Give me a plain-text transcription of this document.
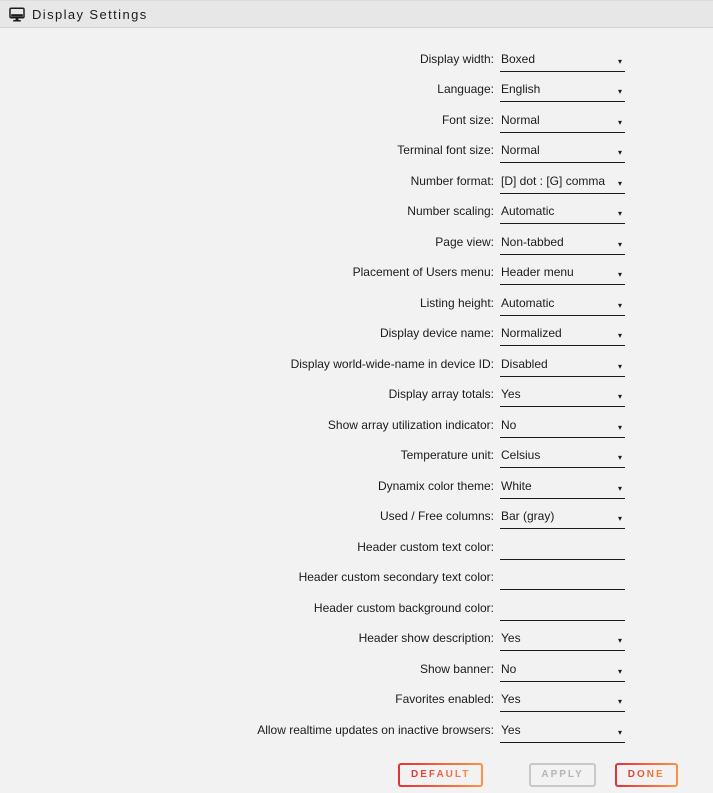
Display Settings
Display width: Boxed	▾
Language: English	▾
Font size: Normal	▾
Terminal font size: Normal	▾
Number format: [D] dot : [G] comma ▾
Number scaling: Automatic	▾
Page view: Non-tabbed	▾
Placement of Users menu: Header menu	▾
Listing height: Automatic	▾
Display device name: Normalized	▾
Display world-wide-name in device ID: Disabled	▾
Display array totals: Yes	▾
Show array utilization indicator: No	▾
Temperature unit: Celsius	▾
Dynamix color theme: White	▾
Used / Free columns: Bar (gray)	▾
Header custom text color:
Header custom secondary text color:
Header custom background color:
Header show description: Yes	▾
Show banner: No	▾
Favorites enabled: Yes	▾
Allow realtime updates on inactive browsers: Yes	▾
DEFAULT	APPLY	DONE
